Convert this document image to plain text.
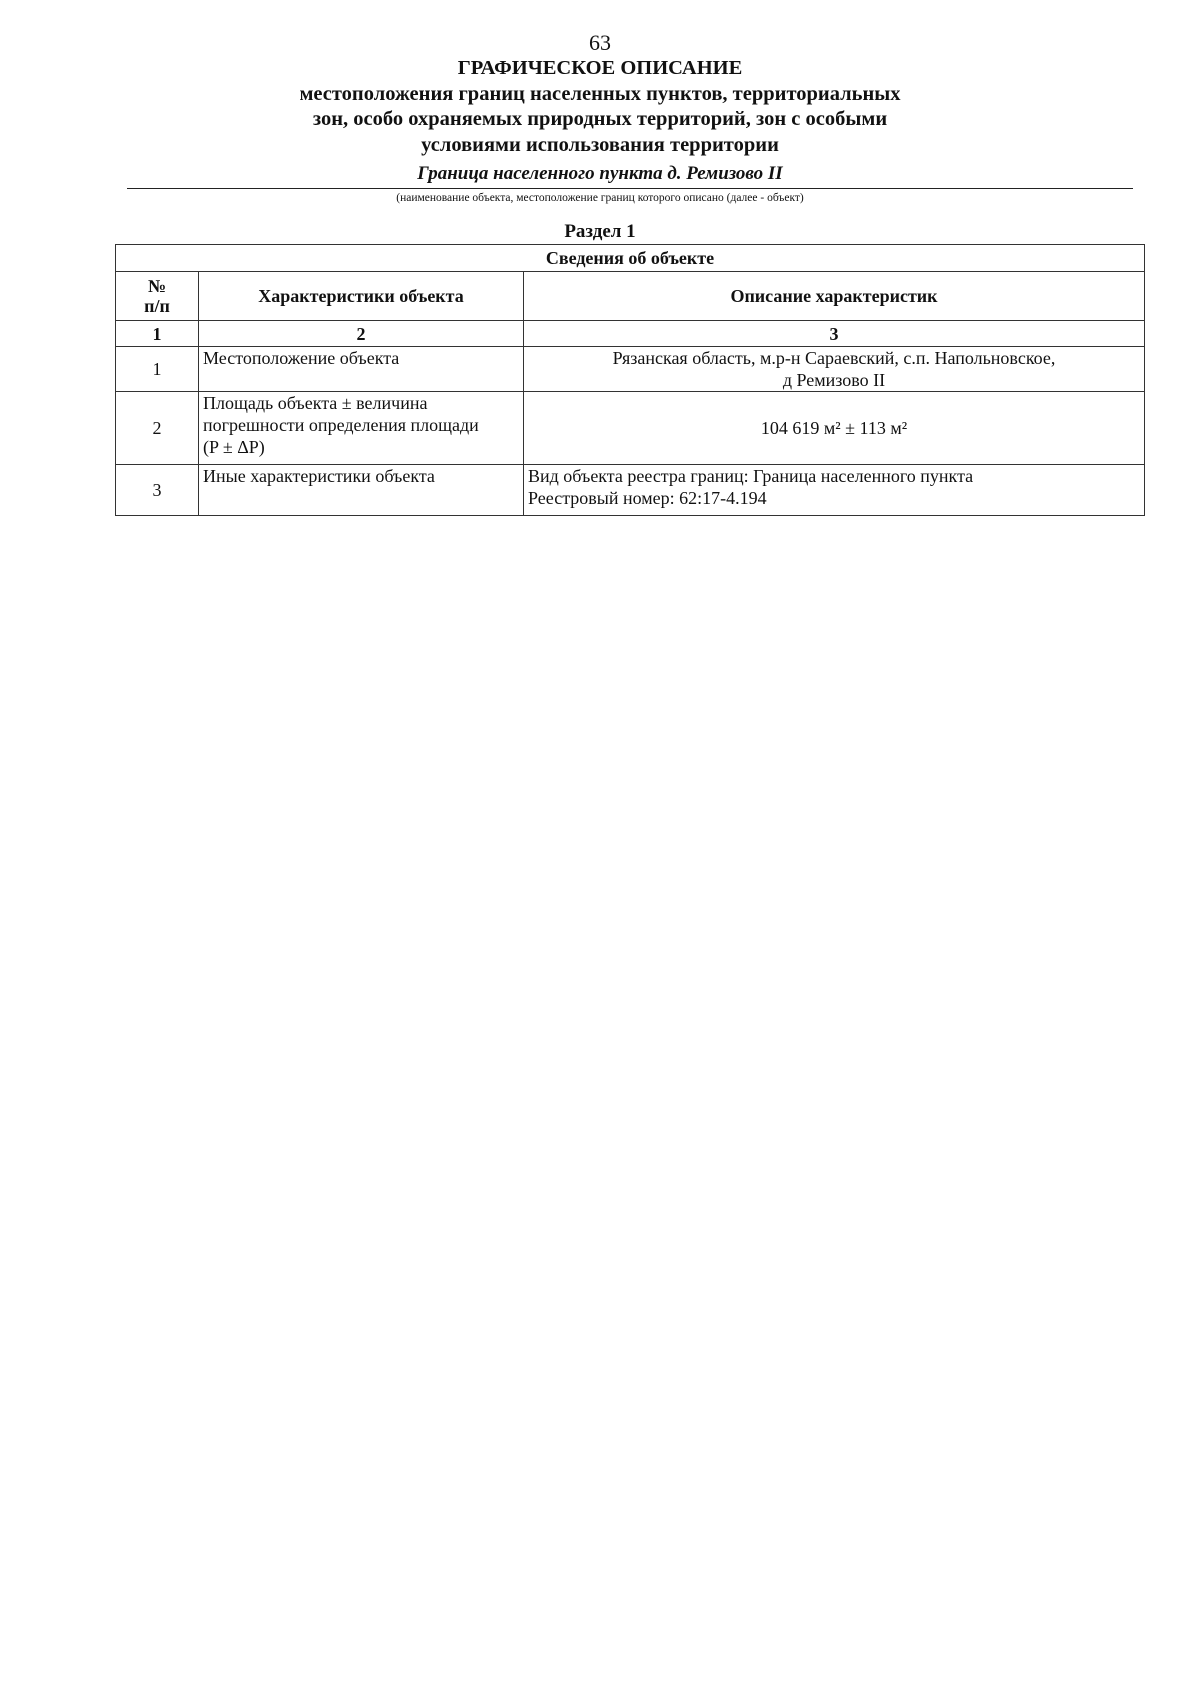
63
ГРАФИЧЕСКОЕ ОПИСАНИЕ
местоположения границ населенных пунктов, территориальных
зон, особо охраняемых природных территорий, зон с особыми
условиями использования территории
Граница населенного пункта д. Ремизово II
(наименование объекта, местоположение границ которого описано (далее - объект)
Раздел 1
Сведения об объекте		

№
п/п	Характеристики объекта	Описание характеристик
1	2	3
1	Местоположение объекта	Рязанская область, м.р-н Сараевский, с.п. Напольновское,
д Ремизово II

2	Площадь объекта ± величина
погрешности определения площади
(P ± ΔP)	104 619 м² ± 113 м²
3	Иные характеристики объекта	Вид объекта реестра границ: Граница населенного пункта
Реестровый номер: 62:17-4.194
